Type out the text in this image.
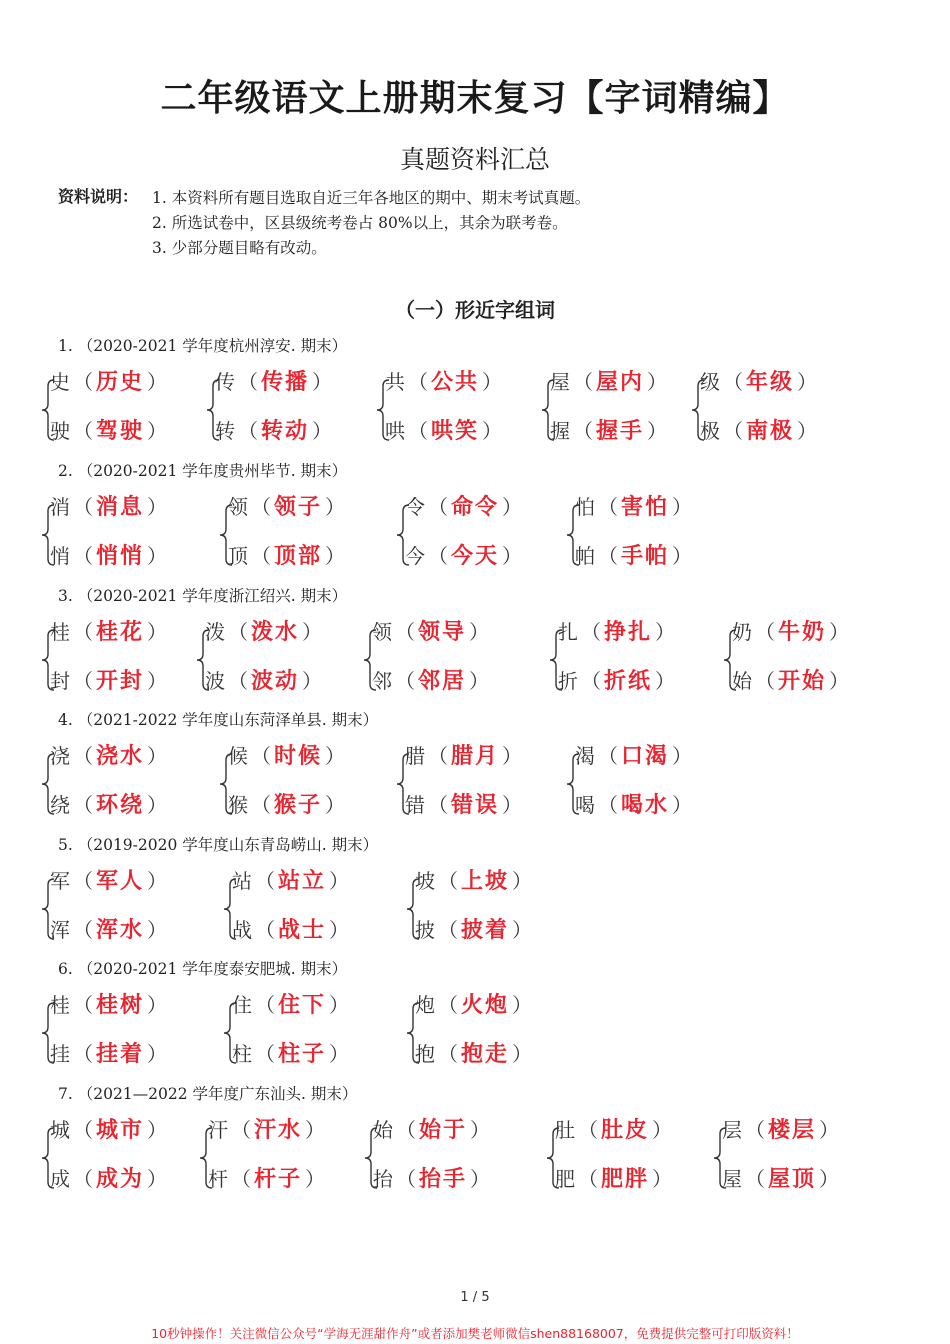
二年级语文上册期末复习【字词精编】
真题资料汇总
资料说明： 1. 本资料所有题目选取自近三年各地区的期中、期末考试真题。
2. 所选试卷中，区县级统考卷占 80%以上，其余为联考卷。
3. 少部分题目略有改动。
（一）形近字组词
1. （2020-2021 学年度杭州淳安. 期末）
史 （ 历史 ）
驶 （ 驾驶 ）
传 （ 传播 ）
转 （ 转动 ）
共 （ 公共 ）
哄 （ 哄笑 ）
屋 （ 屋内 ）
握 （ 握手 ）
级 （ 年级 ）
极 （ 南极 ）
2. （2020-2021 学年度贵州毕节. 期末）
消 （ 消息 ）
悄 （ 悄悄 ）
领 （ 领子 ）
顶 （ 顶部 ）
令 （ 命令 ）
今 （ 今天 ）
怕 （ 害怕 ）
帕 （ 手帕 ）
3. （2020-2021 学年度浙江绍兴. 期末）
桂 （ 桂花 ）
封 （ 开封 ）
泼 （ 泼水 ）
波 （ 波动 ）
领 （ 领导 ）
邻 （ 邻居 ）
扎 （ 挣扎 ）
折 （ 折纸 ）
奶 （ 牛奶 ）
始 （ 开始 ）
4. （2021-2022 学年度山东菏泽单县. 期末）
浇 （ 浇水 ）
绕 （ 环绕 ）
候 （ 时候 ）
猴 （ 猴子 ）
腊 （ 腊月 ）
错 （ 错误 ）
渴 （ 口渴 ）
喝 （ 喝水 ）
5. （2019-2020 学年度山东青岛崂山. 期末）
军 （ 军人 ）
浑 （ 浑水 ）
站 （ 站立 ）
战 （ 战士 ）
坡 （ 上坡 ）
披 （ 披着 ）
6. （2020-2021 学年度泰安肥城. 期末）
桂 （ 桂树 ）
挂 （ 挂着 ）
住 （ 住下 ）
柱 （ 柱子 ）
炮 （ 火炮 ）
抱 （ 抱走 ）
7. （2021—2022 学年度广东汕头. 期末）
城 （ 城市 ）
成 （ 成为 ）
汗 （ 汗水 ）
杆 （ 杆子 ）
始 （ 始于 ）
抬 （ 抬手 ）
肚 （ 肚皮 ）
肥 （ 肥胖 ）
层 （ 楼层 ）
屋 （ 屋顶 ）
1 / 5
10秒钟操作！关注微信公众号“学海无涯甜作舟”或者添加樊老师微信shen88168007，免费提供完整可打印版资料！
